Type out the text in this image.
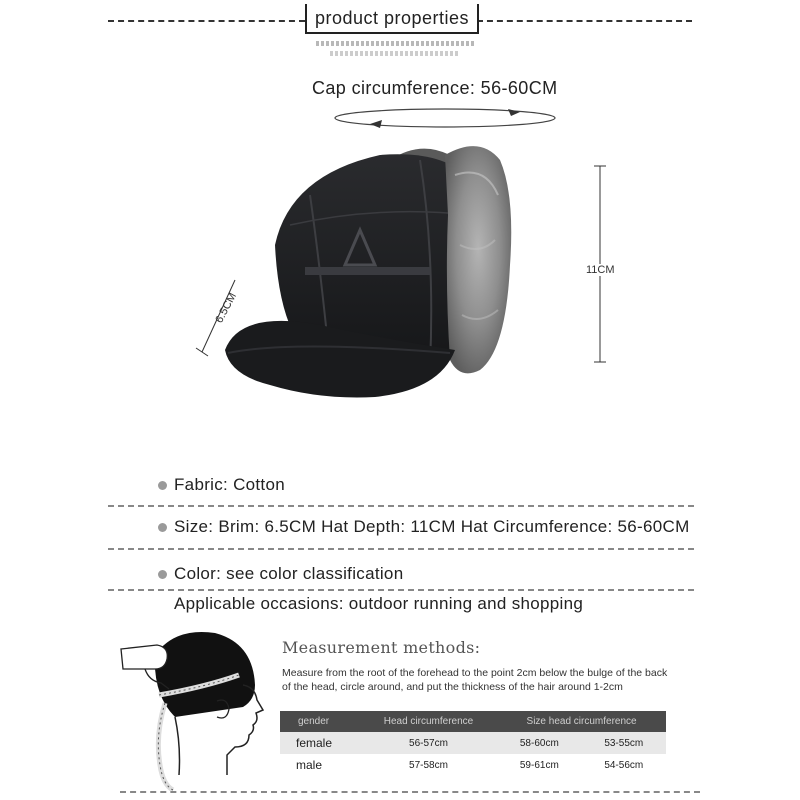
product properties
Cap circumference: 56-60CM
6.5CM
11CM
Fabric: Cotton
Size: Brim: 6.5CM Hat Depth: 11CM Hat Circumference: 56-60CM
Color: see color classification
Applicable occasions: outdoor running and shopping
Measurement methods:
Measure from the root of the forehead to the point 2cm below the bulge of the back of the head, circle around, and put the thickness of the hair around 1-2cm
gender	Head circumference	Size head circumference	
female	56-57cm	58-60cm	53-55cm
male	57-58cm	59-61cm	54-56cm
